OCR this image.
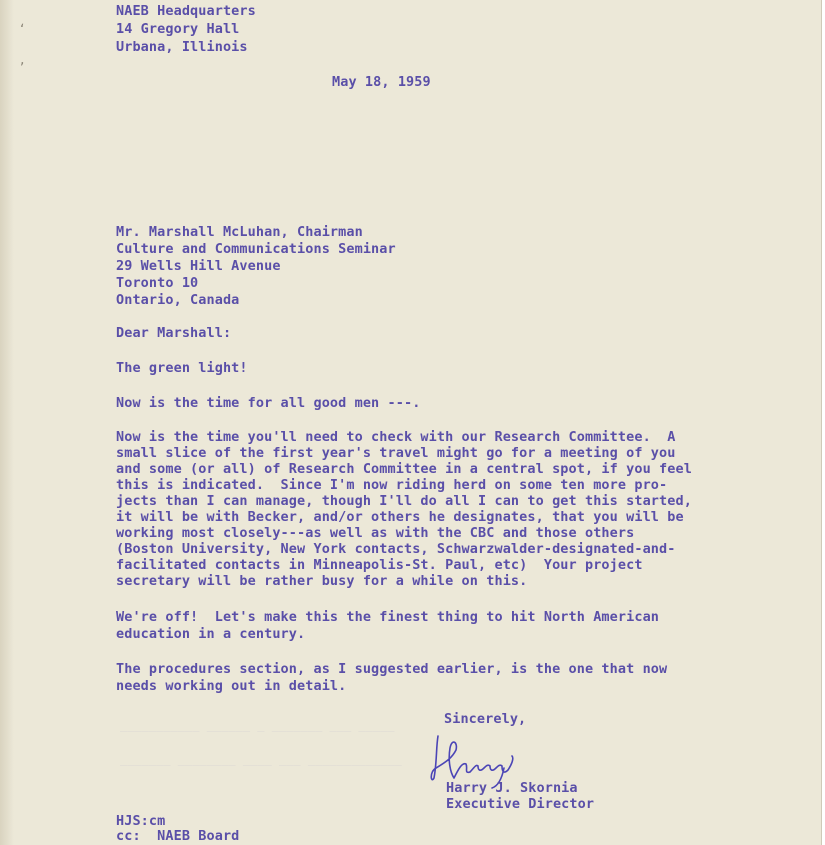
ʻ
,
NAEB Headquarters
14 Gregory Hall
Urbana, Illinois
May 18, 1959
Mr. Marshall McLuhan, Chairman
Culture and Communications Seminar
29 Wells Hill Avenue
Toronto 10
Ontario, Canada
Dear Marshall:
The green light!
Now is the time for all good men ---.
Now is the time you'll need to check with our Research Committee.  A
small slice of the first year's travel might go for a meeting of you
and some (or all) of Research Committee in a central spot, if you feel
this is indicated.  Since I'm now riding herd on some ten more pro-
jects than I can manage, though I'll do all I can to get this started,
it will be with Becker, and/or others he designates, that you will be
working most closely---as well as with the CBC and those others
(Boston University, New York contacts, Schwarzwalder-designated-and-
facilitated contacts in Minneapolis-St. Paul, etc)  Your project
secretary will be rather busy for a while on this.
We're off!  Let's make this the finest thing to hit North American
education in a century.
The procedures section, as I suggested earlier, is the one that now
needs working out in detail.
___________ ______ _ _______ ___ _____
_______ ________ ____ ___ _____________
Sincerely,
Harry J. Skornia
Executive Director
HJS:cm
cc:  NAEB Board
